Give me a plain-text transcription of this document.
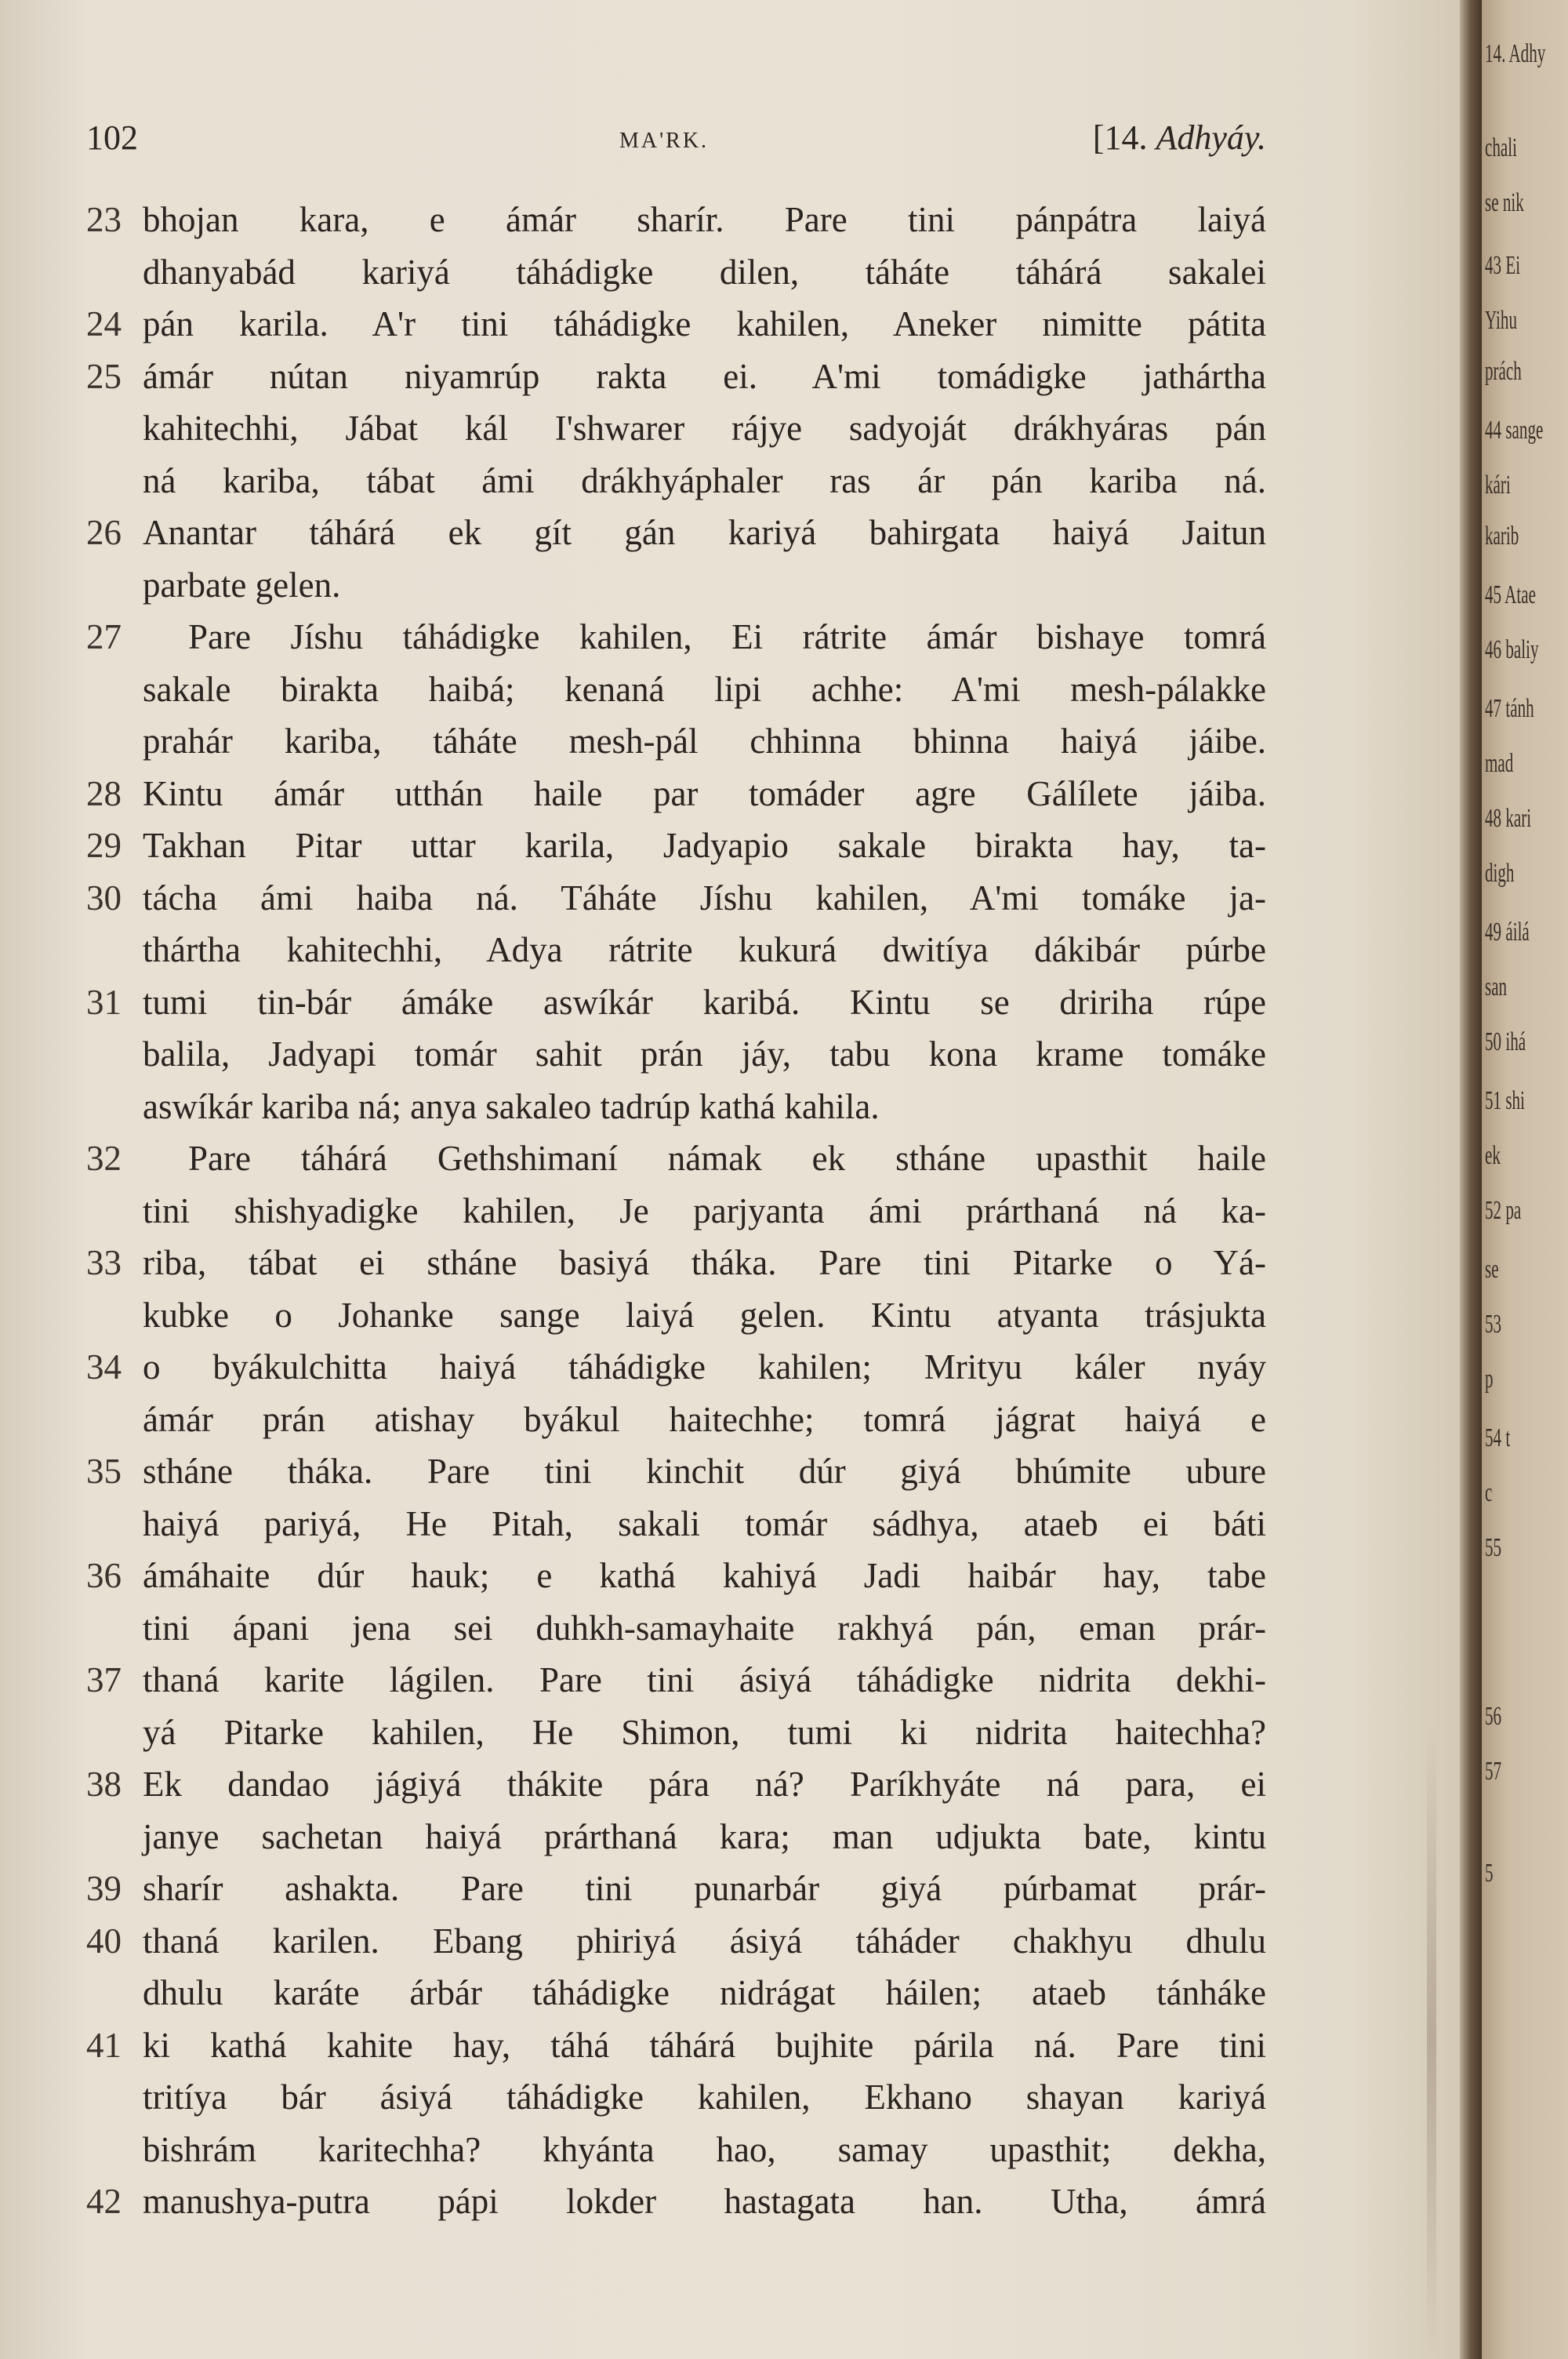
102	MA'RK.	[14. Adhyáy.
23 bhojan kara, e ámár sharír. Pare tini pánpátra laiyá
dhanyabád kariyá táhádigke dilen, táháte táhárá sakalei
24 pán karila. A'r tini táhádigke kahilen, Aneker nimitte pátita
25 ámár nútan niyamrúp rakta ei. A'mi tomádigke jathártha
kahitechhi, Jábat kál I'shwarer rájye sadyoját drákhyáras pán
ná kariba, tábat ámi drákhyáphaler ras ár pán kariba ná.
26 Anantar táhárá ek gít gán kariyá bahirgata haiyá Jaitun
parbate gelen.
27	Pare Jíshu táhádigke kahilen, Ei rátrite ámár bishaye tomrá
sakale birakta haibá; kenaná lipi achhe: A'mi mesh-pálakke
prahár kariba, táháte mesh-pál chhinna bhinna haiyá jáibe.
28 Kintu ámár utthán haile par tomáder agre Gálílete jáiba.
29 Takhan Pitar uttar karila, Jadyapio sakale birakta hay, ta-
30 tácha ámi haiba ná. Táháte Jíshu kahilen, A'mi tomáke ja-
thártha kahitechhi, Adya rátrite kukurá dwitíya dákibár púrbe
31 tumi tin-bár ámáke aswíkár karibá. Kintu se dririha rúpe
balila, Jadyapi tomár sahit prán jáy, tabu kona krame tomáke
aswíkár kariba ná; anya sakaleo tadrúp kathá kahila.
32	Pare táhárá Gethshimaní námak ek stháne upasthit haile
tini shishyadigke kahilen, Je parjyanta ámi prárthaná ná ka-
33 riba, tábat ei stháne basiyá tháka. Pare tini Pitarke o Yá-
kubke o Johanke sange laiyá gelen. Kintu atyanta trásjukta
34 o byákulchitta haiyá táhádigke kahilen; Mrityu káler nyáy
ámár prán atishay byákul haitechhe; tomrá jágrat haiyá e
35 stháne tháka. Pare tini kinchit dúr giyá bhúmite ubure
haiyá pariyá, He Pitah, sakali tomár sádhya, ataeb ei báti
36 ámáhaite dúr hauk; e kathá kahiyá Jadi haibár hay, tabe
tini ápani jena sei duhkh-samayhaite rakhyá pán, eman prár-
37 thaná karite lágilen. Pare tini ásiyá táhádigke nidrita dekhi-
yá Pitarke kahilen, He Shimon, tumi ki nidrita haitechha?
38 Ek dandao jágiyá thákite pára ná? Paríkhyáte ná para, ei
janye sachetan haiyá prárthaná kara; man udjukta bate, kintu
39 sharír ashakta. Pare tini punarbár giyá púrbamat prár-
40 thaná karilen. Ebang phiriyá ásiyá táháder chakhyu dhulu
dhulu karáte árbár táhádigke nidrágat háilen; ataeb tánháke
41 ki kathá kahite hay, táhá táhárá bujhite párila ná. Pare tini
tritíya bár ásiyá táhádigke kahilen, Ekhano shayan kariyá
bishrám karitechha? khyánta hao, samay upasthit; dekha,
42 manushya-putra pápi lokder hastagata han. Utha, ámrá
14. Adhy
chali
se nik
43 Ei
Yihu
prách
44 sange
kári
karib
45 Atae
46 baliy
47 tánh
mad
48 kari
digh
49 áilá
san
50 ihá
51 shi
ek
52 pa
se
53
p
54 t
c
55
56
57
5
